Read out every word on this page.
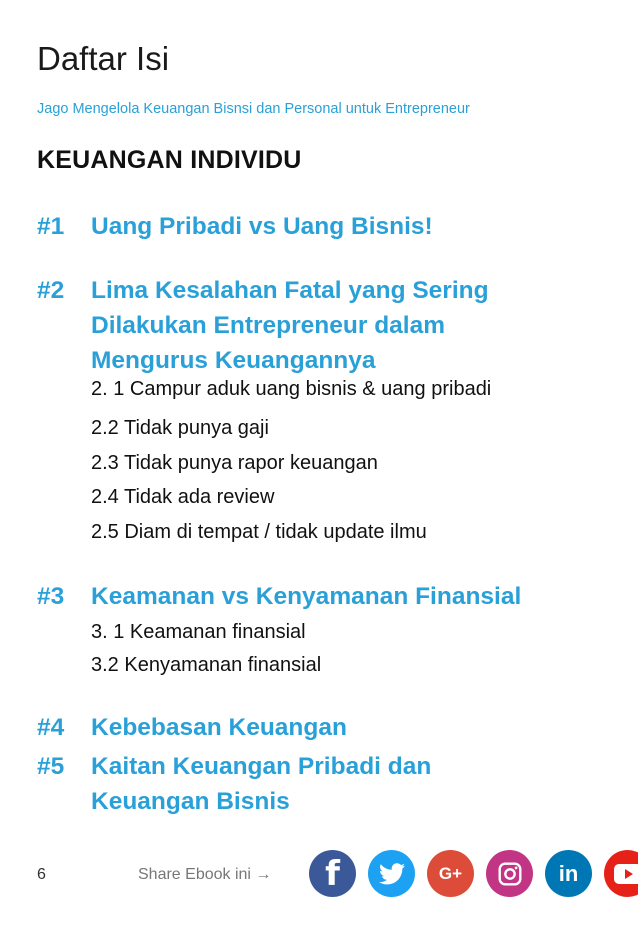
Daftar Isi
Jago Mengelola Keuangan Bisnsi dan Personal untuk Entrepreneur
KEUANGAN INDIVIDU
#1	Uang Pribadi vs Uang Bisnis!
#2	Lima Kesalahan Fatal yang Sering Dilakukan Entrepreneur dalam Mengurus Keuangannya
2. 1 Campur aduk uang bisnis & uang pribadi
2.2 Tidak punya gaji
2.3 Tidak punya rapor keuangan
2.4 Tidak ada review
2.5 Diam di tempat / tidak update ilmu
#3	Keamanan vs Kenyamanan Finansial
3. 1 Keamanan finansial
3.2 Kenyamanan finansial
#4	Kebebasan Keuangan
#5	Kaitan Keuangan Pribadi dan Keuangan Bisnis
6	Share Ebook ini →	f	G+	in
